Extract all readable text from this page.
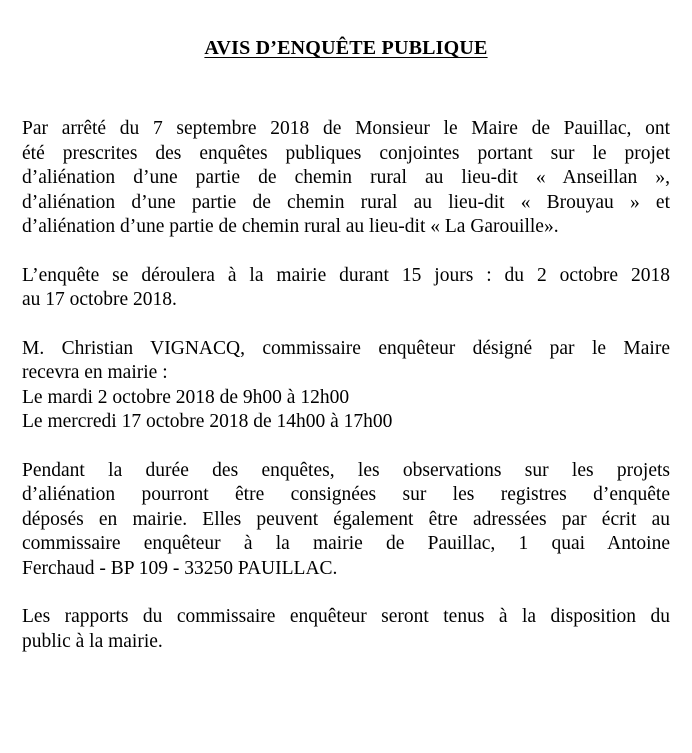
AVIS D’ENQUÊTE PUBLIQUE

Par arrêté du 7 septembre 2018 de Monsieur le Maire de Pauillac, ont
été prescrites des enquêtes publiques conjointes portant sur le projet
d’aliénation d’une partie de chemin rural au lieu-dit « Anseillan »,
d’aliénation d’une partie de chemin rural au lieu-dit « Brouyau » et
d’aliénation d’une partie de chemin rural au lieu-dit « La Garouille».

L’enquête se déroulera à la mairie durant 15 jours : du 2 octobre 2018
au 17 octobre 2018.

M. Christian VIGNACQ, commissaire enquêteur désigné par le Maire
recevra en mairie :
Le mardi 2 octobre 2018 de 9h00 à 12h00
Le mercredi 17 octobre 2018 de 14h00 à 17h00

Pendant la durée des enquêtes, les observations sur les projets
d’aliénation pourront être consignées sur les registres d’enquête
déposés en mairie. Elles peuvent également être adressées par écrit au
commissaire enquêteur à la mairie de Pauillac, 1 quai Antoine
Ferchaud - BP 109 - 33250 PAUILLAC.

Les rapports du commissaire enquêteur seront tenus à la disposition du
public à la mairie.
